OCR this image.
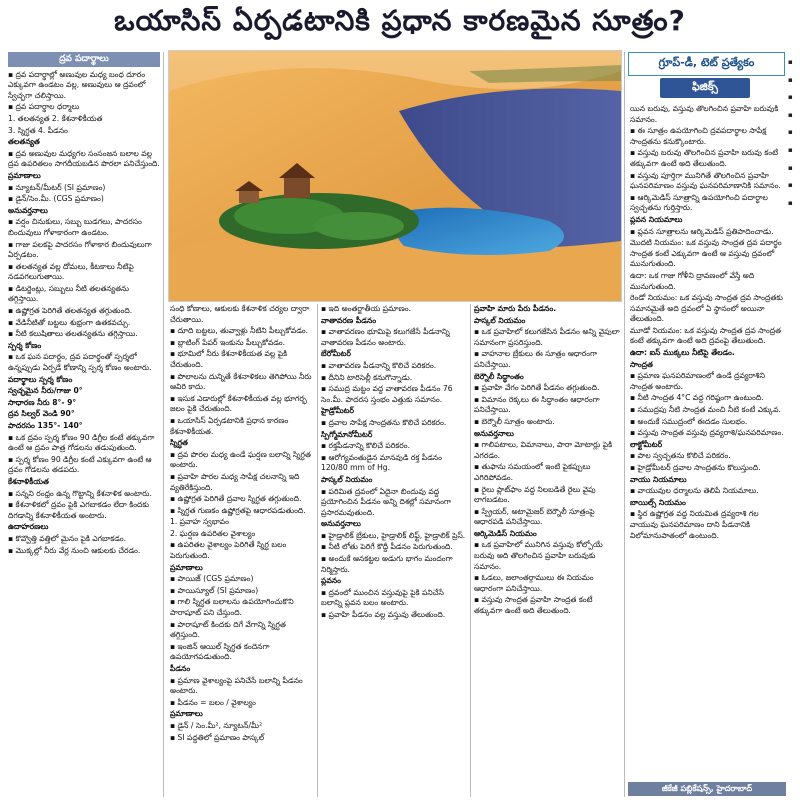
ఒయాసిస్ ఏర్పడటానికి ప్రధాన కారణమైన సూత్రం?
ద్రవ పదార్థాలు

▪ ద్రవ పదార్థాల్లో అణువుల మధ్య బంధ దూరం ఎక్కువగా ఉండటం వల్ల, అణువులు ఆ ద్రవంలో స్వేచ్ఛగా చలిస్తాయి.

▪ ద్రవ పదార్థాల ధర్మాలు

1. తలతన్యత 2. కేశనాళికీయత

3. స్నిగ్ధత 4. పీడనం

తలతన్యత

▪ ద్రవ అణువుల మధ్యగల సంసంజన బలాల వల్ల ద్రవ ఉపరితలం సాగదీయబడిన పొరలా పనిచేస్తుంది.

ప్రమాణాలు

▪ న్యూటన్/మీటర్ (SI ప్రమాణం)

▪ డైన్/సెం.మీ. (CGS ప్రమాణం)

అనువర్తనాలు

▪ వర్షం చినుకులు, సబ్బు బుడగలు, పాదరసం బిందువులు గోళాకారంగా ఉండటం.

▪ గాజు పలకపై పాదరసం గోళాకార బిందువులుగా ఏర్పడటం.

▪ తలతన్యత వల్ల దోమలు, కీటకాలు నీటిపై నడవగలుగుతాయి.

▪ డిటర్జెంట్లు, సబ్బులు నీటి తలతన్యతను తగ్గిస్తాయి.

▪ ఉష్ణోగ్రత పెరిగితే తలతన్యత తగ్గుతుంది.

▪ వేడినీటితో బట్టలు శుభ్రంగా ఉతకవచ్చు.

▪ నీటి కలుషితాలు తలతన్యతను తగ్గిస్తాయి.

స్పర్శ కోణం

▪ ఒక ఘన పదార్థం, ద్రవ పదార్థంతో స్పర్శలో ఉన్నప్పుడు ఏర్పడే కోణాన్ని స్పర్శ కోణం అంటారు.

పదార్థాలు స్పర్శ కోణం

స్వచ్ఛమైన నీరు/గాజు 0°

సాధారణ నీరు 8°- 9°

ద్రవ సిల్వర్ వెండి 90°

పాదరసం 135°- 140°

▪ ఒక ద్రవం స్పర్శ కోణం 90 డిగ్రీల కంటే తక్కువగా ఉంటే ఆ ద్రవం పాత్ర గోడలను తడుపుతుంది.

▪ స్పర్శ కోణం 90 డిగ్రీల కంటే ఎక్కువగా ఉంటే ఆ ద్రవం గోడలను తడపదు.

కేశనాళికీయత

▪ సన్నని రంధ్రం ఉన్న గొట్టాన్ని కేశనాళిక అంటారు.

▪ కేశనాళికలో ద్రవం పైకి ఎగబాకడం లేదా కిందకు దిగడాన్ని కేశనాళికీయత అంటారు.

ఉదాహరణలు

▪ కొవ్వొత్తి వత్తిలో మైనం పైకి ఎగబాకడం.

▪ మొక్కల్లో నీరు వేర్ల నుంచి ఆకులకు చేరడం.

సంధి కోణాలు, ఆకులకు కేశనాళిక చర్యల ద్వారా చేరుతాయి.

▪ దూది బట్టలు, తువ్వాళ్లు నీటిని పీల్చుకోవడం.

▪ బ్లాటింగ్ పేపర్ ఇంకును పీల్చుకోవడం.

▪ భూమిలో నీరు కేశనాళికీయత వల్ల పైకి చేరుతుంది.

▪ పొలాలను దున్నితే కేశనాళికలు తెగిపోయి నీరు ఆవిరి కాదు.

▪ ఇసుక ఎడారుల్లో కేశనాళికీయత వల్ల భూగర్భ జలం పైకి చేరుతుంది.

▪ ఒయాసిస్ ఏర్పడటానికి ప్రధాన కారణం కేశనాళికీయత.

స్నిగ్ధత

▪ ద్రవ పొరల మధ్య ఉండే ఘర్షణ బలాన్ని స్నిగ్ధత అంటారు.

▪ ప్రవాహి పొరల మధ్య సాపేక్ష చలనాన్ని ఇది వ్యతిరేకిస్తుంది.

▪ ఉష్ణోగ్రత పెరిగితే ద్రవాల స్నిగ్ధత తగ్గుతుంది.

▪ స్నిగ్ధత గుణకం ఉష్ణోగ్రతపై ఆధారపడుతుంది.

1. ప్రవాహ స్వభావం

2. ఘర్షణ ఉపరితల వైశాల్యం

▪ ఉపరితల వైశాల్యం పెరిగితే స్నిగ్ధ బలం పెరుగుతుంది.

ప్రమాణాలు

▪ పాయిజ్ (CGS ప్రమాణం)

▪ పాయిస్యూల్ (SI ప్రమాణం)

▪ గాలి స్నిగ్ధత బలాలను ఉపయోగించుకొని పారాషూట్ పని చేస్తుంది.

▪ పారాషూట్ కిందకు దిగే వేగాన్ని స్నిగ్ధత తగ్గిస్తుంది.

▪ ఇంజిన్ ఆయిల్ స్నిగ్ధత కందెనగా ఉపయోగపడుతుంది.

పీడనం

▪ ప్రమాణ వైశాల్యంపై పనిచేసే బలాన్ని పీడనం అంటారు.

▪ పీడనం = బలం / వైశాల్యం

ప్రమాణాలు

▪ డైన్ / సెం.మీ², న్యూటన్/మీ²

▪ SI పద్ధతిలో ప్రమాణం పాస్కల్

▪ ఇది అంతర్జాతీయ ప్రమాణం.

వాతావరణ పీడనం

▪ వాతావరణం భూమిపై కలుగజేసే పీడనాన్ని వాతావరణ పీడనం అంటారు.

బేరోమీటర్

▪ వాతావరణ పీడనాన్ని కొలిచే పరికరం.

▪ దీనిని టారిసెల్లీ కనుగొన్నాడు.

▪ సముద్ర మట్టం వద్ద వాతావరణ పీడనం 76 సెం.మీ. పాదరస స్తంభం ఎత్తుకు సమానం.

హైడ్రోమీటర్

▪ ద్రవాల సాపేక్ష సాంద్రతను కొలిచే పరికరం.

స్పిగ్మోమానోమీటర్

▪ రక్తపీడనాన్ని కొలిచే పరికరం.

▪ ఆరోగ్యవంతుడైన మానవుడి రక్త పీడనం 120/80 mm of Hg.

పాస్కల్ నియమం

▪ పరిమిత ద్రవంలో ఏదైనా బిందువు వద్ద ప్రయోగించిన పీడనం అన్ని దిశల్లో సమానంగా ప్రసారమవుతుంది.

అనువర్తనాలు

▪ హైడ్రాలిక్ బ్రేకులు, హైడ్రాలిక్ లిఫ్ట్, హైడ్రాలిక్ ప్రెస్.

▪ నీటి లోతు పెరిగే కొద్దీ పీడనం పెరుగుతుంది.

▪ అందుకే ఆనకట్టల అడుగు భాగం మందంగా నిర్మిస్తారు.

ప్లవనం

▪ ద్రవంలో ముంచిన వస్తువుపై పైకి పనిచేసే బలాన్ని ప్లవన బలం అంటారు.

▪ ప్రవాహి పీడనం వల్ల వస్తువు తేలుతుంది.

ప్రవాహి మారు పేరు పీడనం.

పాస్కల్ నియమం

▪ ఒక ప్రవాహిలో కలుగజేసిన పీడనం అన్ని వైపులా సమానంగా ప్రసరిస్తుంది.

▪ వాహనాల బ్రేకులు ఈ సూత్రం ఆధారంగా పనిచేస్తాయి.

బెర్నౌలీ సిద్ధాంతం

▪ ప్రవాహి వేగం పెరిగితే పీడనం తగ్గుతుంది.

▪ విమానం రెక్కలు ఈ సిద్ధాంతం ఆధారంగా పనిచేస్తాయి.

▪ బెర్నౌలీ సూత్రం అంటారు.

అనువర్తనాలు

▪ గాలిపటాలు, విమానాలు, పారా మోటార్లు పైకి ఎగరడం.

▪ తుఫాను సమయంలో ఇంటి పైకప్పులు ఎగిరిపోవడం.

▪ రైలు ప్లాట్‌ఫాం వద్ద నిలబడితే రైలు వైపు లాగబడటం.

▪ స్ప్రేయర్, అటామైజర్ బెర్నౌలీ సూత్రంపై ఆధారపడి పనిచేస్తాయి.

ఆర్కిమెడిస్ నియమం

▪ ఒక ప్రవాహిలో మునిగిన వస్తువు కోల్పోయే బరువు అది తొలగించిన ప్రవాహి బరువుకు సమానం.

▪ ఓడలు, జలాంతర్గాములు ఈ నియమం ఆధారంగా పనిచేస్తాయి.

▪ వస్తువు సాంద్రత ప్రవాహి సాంద్రత కంటే తక్కువగా ఉంటే అది తేలుతుంది.

గ్రూప్-డీ, టెట్ ప్రత్యేకం
ఫిజిక్స్

యిన బరువు, వస్తువు తొలగించిన ప్రవాహి బరువుకి సమానం.

▪ ఈ సూత్రం ఉపయోగించి ద్రవపదార్థాల సాపేక్ష సాంద్రతను కనుక్కొంటారు.

▪ వస్తువు బరువు తొలగించిన ప్రవాహి బరువు కంటే తక్కువగా ఉంటే అది తేలుతుంది.

▪ వస్తువు పూర్తిగా మునిగితే తొలగించిన ప్రవాహి ఘనపరిమాణం వస్తువు ఘనపరిమాణానికి సమానం.

▪ ఆర్కిమెడిస్ సూత్రాన్ని ఉపయోగించి పదార్థాల స్వచ్ఛతను గుర్తిస్తారు.

ప్లవన నియమాలు

▪ ప్లవన సూత్రాలను ఆర్కిమెడిస్ ప్రతిపాదించాడు.

మొదటి నియమం: ఒక వస్తువు సాంద్రత ద్రవ పదార్థం సాంద్రత కంటే ఎక్కువగా ఉంటే ఆ వస్తువు ద్రవంలో మునుగుతుంది.

ఉదా: ఒక గాజు గోళీని ద్రావణంలో వేస్తే అది మునుగుతుంది.

రెండో నియమం: ఒక వస్తువు సాంద్రత ద్రవ సాంద్రతకు సమానమైతే అది ద్రవంలో ఏ స్థానంలో అయినా తేలుతుంది.

మూడో నియమం: ఒక వస్తువు సాంద్రత ద్రవ సాంద్రత కంటే తక్కువగా ఉంటే అది ద్రవంపై తేలుతుంది.

ఉదా: ఐస్ ముక్కలు నీటిపై తేలడం.

సాంద్రత

▪ ప్రమాణ ఘనపరిమాణంలో ఉండే ద్రవ్యరాశిని సాంద్రత అంటారు.

▪ నీటి సాంద్రత 4°C వద్ద గరిష్ఠంగా ఉంటుంది.

▪ సముద్రపు నీటి సాంద్రత మంచి నీటి కంటే ఎక్కువ.

▪ అందుకే సముద్రంలో ఈదడం సులభం.

▪ వస్తువు సాంద్రత వస్తువు ద్రవ్యరాశి/ఘనపరిమాణం.

లాక్టోమీటర్

▪ పాల స్వచ్ఛతను కొలిచే పరికరం.

▪ హైడ్రోమీటర్ ద్రవాల సాంద్రతను కొలుస్తుంది.

వాయు నియమాలు

▪ వాయువుల ధర్మాలను తెలిపే నియమాలు.

బాయిల్స్ నియమం

▪ స్థిర ఉష్ణోగ్రత వద్ద నియమిత ద్రవ్యరాశి గల వాయువు ఘనపరిమాణం దాని పీడనానికి విలోమానుపాతంలో ఉంటుంది.

జీకేజీ పబ్లికేషన్స్, హైదరాబాద్

▪

▪

▪

▪

▪

▪

▪

▪

▪
